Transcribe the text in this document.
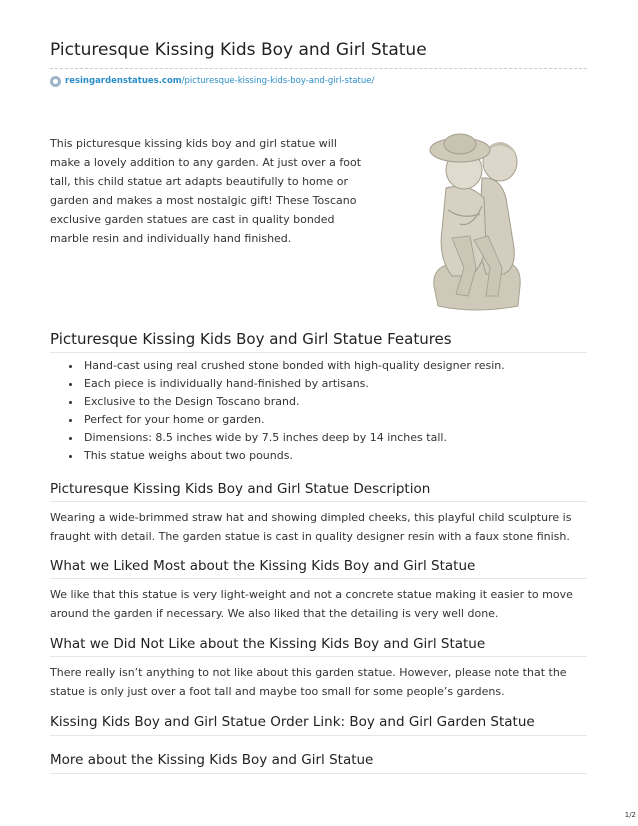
Picturesque Kissing Kids Boy and Girl Statue
resingardenstatues.com /picturesque-kissing-kids-boy-and-girl-statue/

This picturesque kissing kids boy and girl statue will make a lovely addition to any garden. At just over a foot tall, this child statue art adapts beautifully to home or garden and makes a most nostalgic gift! These Toscano exclusive garden statues are cast in quality bonded marble resin and individually hand finished.

Picturesque Kissing Kids Boy and Girl Statue Features
• Hand-cast using real crushed stone bonded with high-quality designer resin.
• Each piece is individually hand-finished by artisans.
• Exclusive to the Design Toscano brand.
• Perfect for your home or garden.
• Dimensions: 8.5 inches wide by 7.5 inches deep by 14 inches tall.
• This statue weighs about two pounds.
Picturesque Kissing Kids Boy and Girl Statue Description

Wearing a wide-brimmed straw hat and showing dimpled cheeks, this playful child sculpture is fraught with detail. The garden statue is cast in quality designer resin with a faux stone finish.

What we Liked Most about the Kissing Kids Boy and Girl Statue

We like that this statue is very light-weight and not a concrete statue making it easier to move around the garden if necessary. We also liked that the detailing is very well done.

What we Did Not Like about the Kissing Kids Boy and Girl Statue

There really isn’t anything to not like about this garden statue. However, please note that the statue is only just over a foot tall and maybe too small for some people’s gardens.

Kissing Kids Boy and Girl Statue Order Link: Boy and Girl Garden Statue
More about the Kissing Kids Boy and Girl Statue
1/2
